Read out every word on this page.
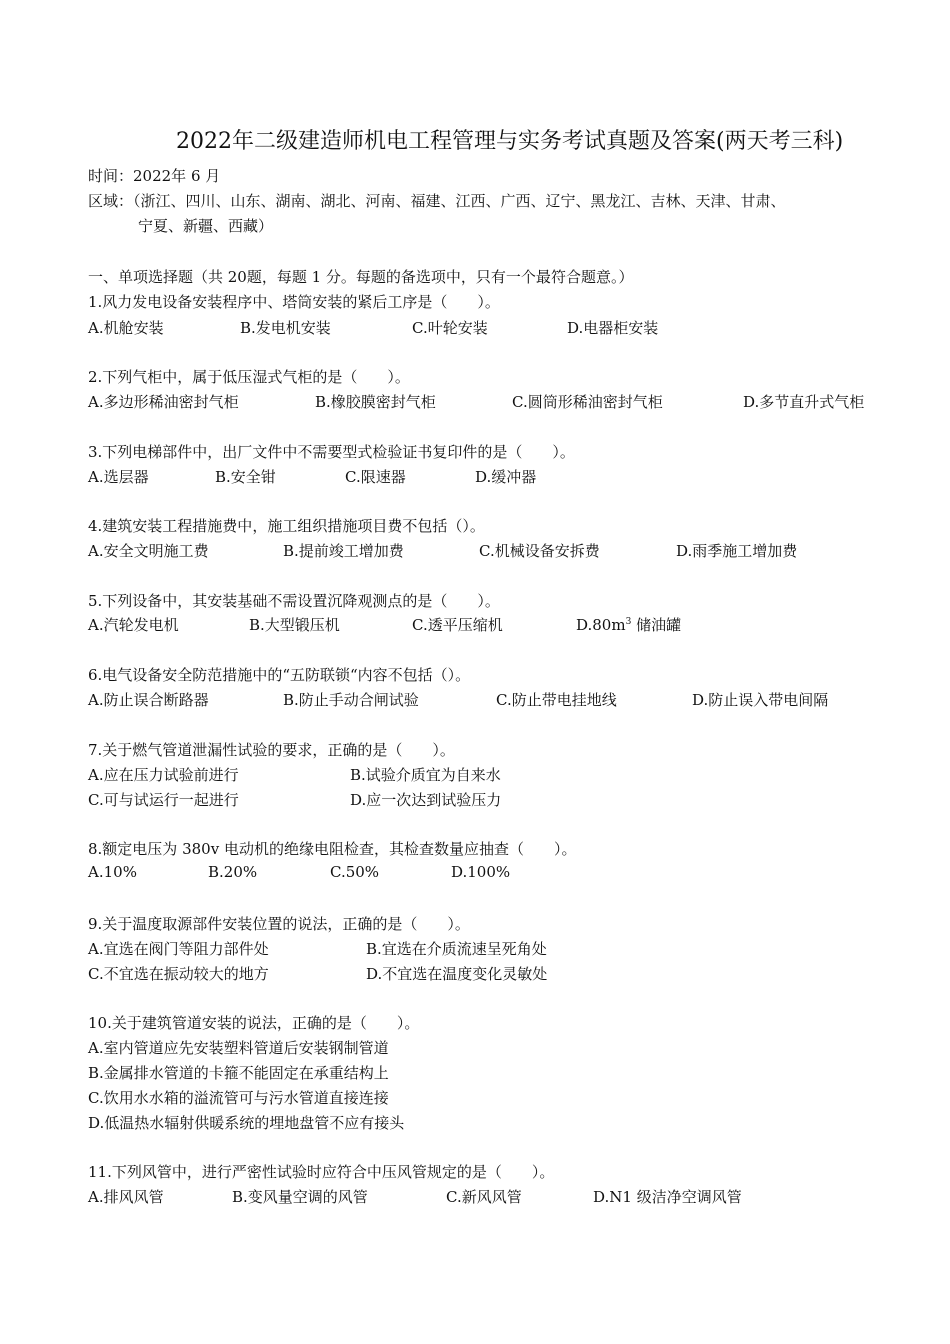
2022年二级建造师机电工程管理与实务考试真题及答案(两天考三科)
时间：2022年 6 月
区域：（浙江、四川、山东、湖南、湖北、河南、福建、江西、广西、辽宁、黑龙江、吉林、天津、甘肃、
宁夏、新疆、西藏）
一、单项选择题（共 20题，每题 1 分。每题的备选项中，只有一个最符合题意。）
1.风力发电设备安装程序中、塔筒安装的紧后工序是（　　）。
A.机舱安装	B.发电机安装	C.叶轮安装	D.电器柜安装
2.下列气柜中，属于低压湿式气柜的是（　　）。
A.多边形稀油密封气柜	B.橡胶膜密封气柜	C.圆筒形稀油密封气柜	D.多节直升式气柜
3.下列电梯部件中，出厂文件中不需要型式检验证书复印件的是（　　）。
A.选层器	B.安全钳	C.限速器	D.缓冲器
4.建筑安装工程措施费中，施工组织措施项目费不包括（）。
A.安全文明施工费	B.提前竣工增加费	C.机械设备安拆费	D.雨季施工增加费
5.下列设备中，其安装基础不需设置沉降观测点的是（　　）。
A.汽轮发电机	B.大型锻压机	C.透平压缩机	$D.80m^3$ 储油罐
6.电气设备安全防范措施中的“五防联锁“内容不包括（）。
A.防止误合断路器	B.防止手动合闸试验	C.防止带电挂地线	D.防止误入带电间隔
7.关于燃气管道泄漏性试验的要求，正确的是（　　）。
A.应在压力试验前进行	B.试验介质宜为自来水
C.可与试运行一起进行	D.应一次达到试验压力
8.额定电压为 380v 电动机的绝缘电阻检查，其检查数量应抽查（　　）。
A.10%	B.20%	C.50%	D.100%
9.关于温度取源部件安装位置的说法，正确的是（　　）。
A.宜选在阀门等阻力部件处	B.宜选在介质流速呈死角处
C.不宜选在振动较大的地方	D.不宜选在温度变化灵敏处
10.关于建筑管道安装的说法，正确的是（　　）。
A.室内管道应先安装塑料管道后安装钢制管道
B.金属排水管道的卡箍不能固定在承重结构上
C.饮用水水箱的溢流管可与污水管道直接连接
D.低温热水辐射供暖系统的埋地盘管不应有接头
11.下列风管中，进行严密性试验时应符合中压风管规定的是（　　）。
A.排风风管	B.变风量空调的风管	C.新风风管	D.N1 级洁净空调风管
